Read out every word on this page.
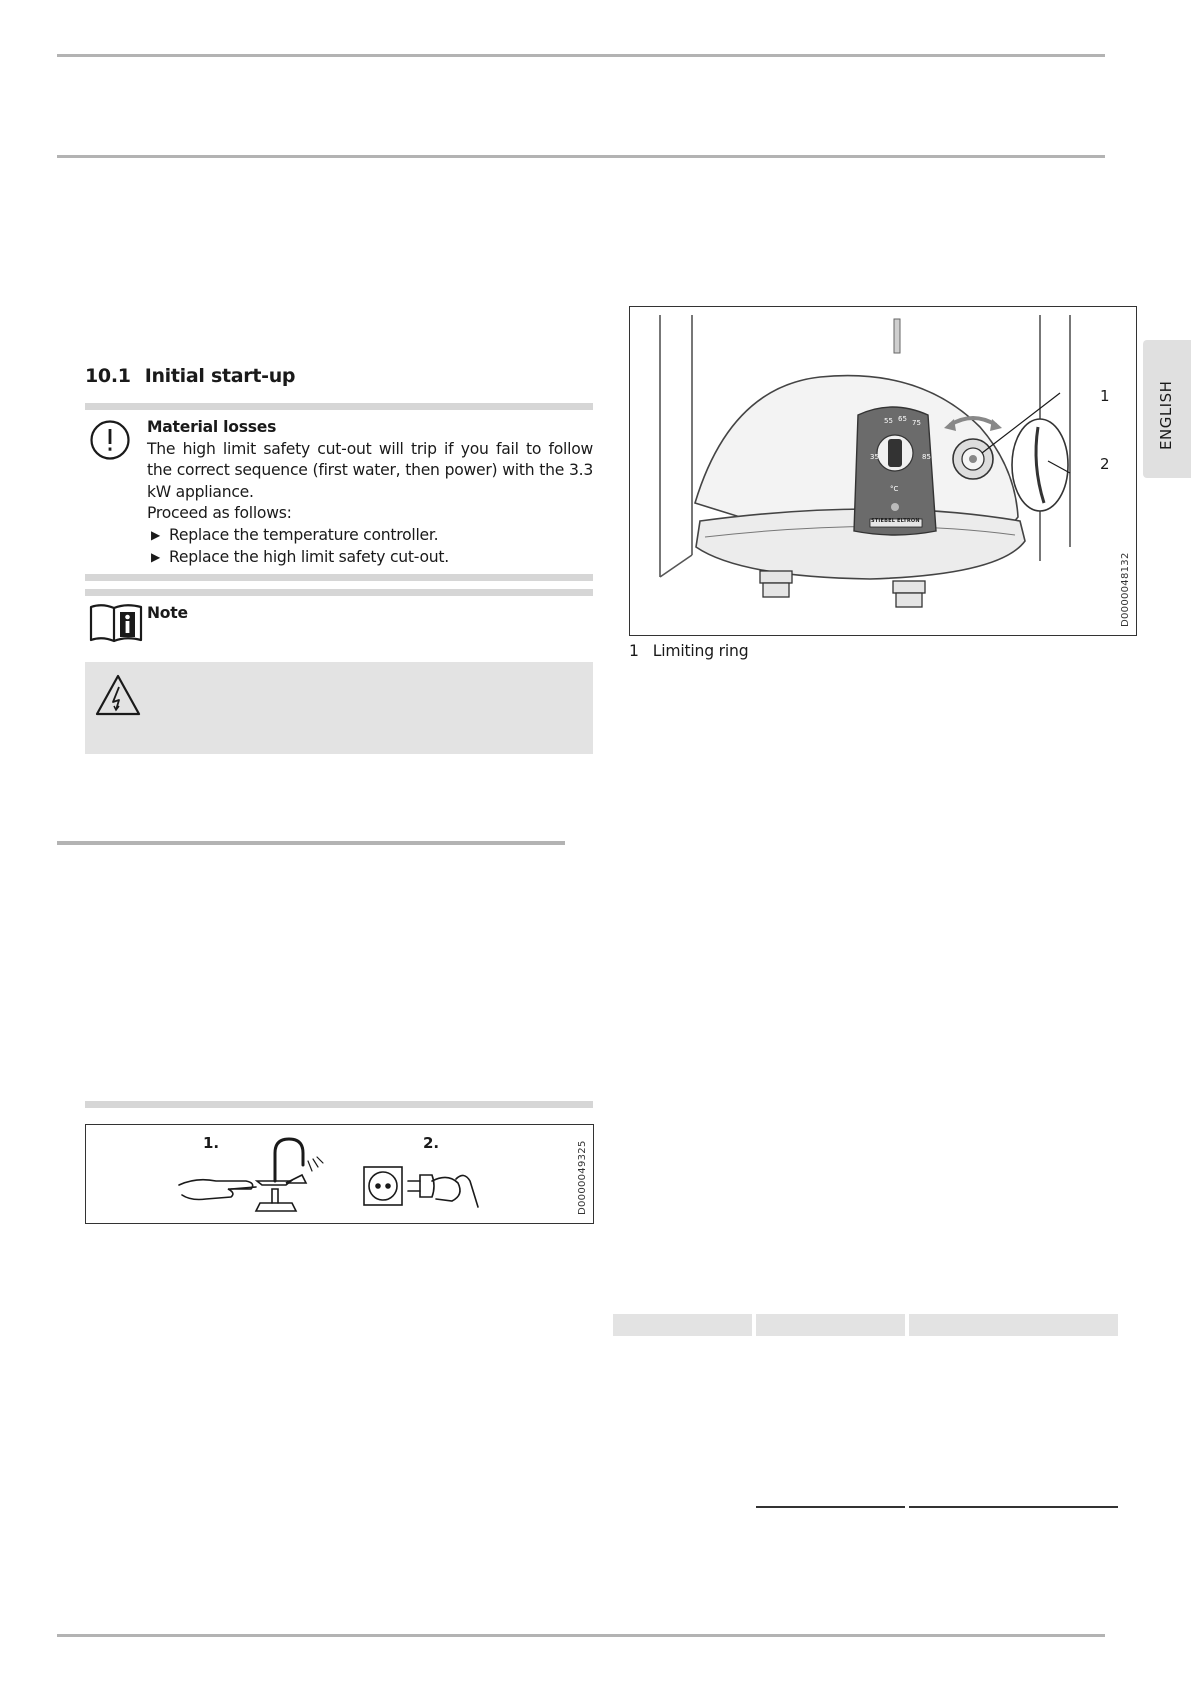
ENGLISH
10.1 Initial start-up
Material losses
The high limit safety cut-out will trip if you fail to follow the correct sequence (first water, then power) with the 3.3 kW appliance.
Proceed as follows:
▶ Replace the temperature controller.
▶ Replace the high limit safety cut-out.
Note
1.	2.	D0000049325
35
55 65 75
85
°C
STIEBEL ELTRON
1
2
D0000048132
1 Limiting ring
